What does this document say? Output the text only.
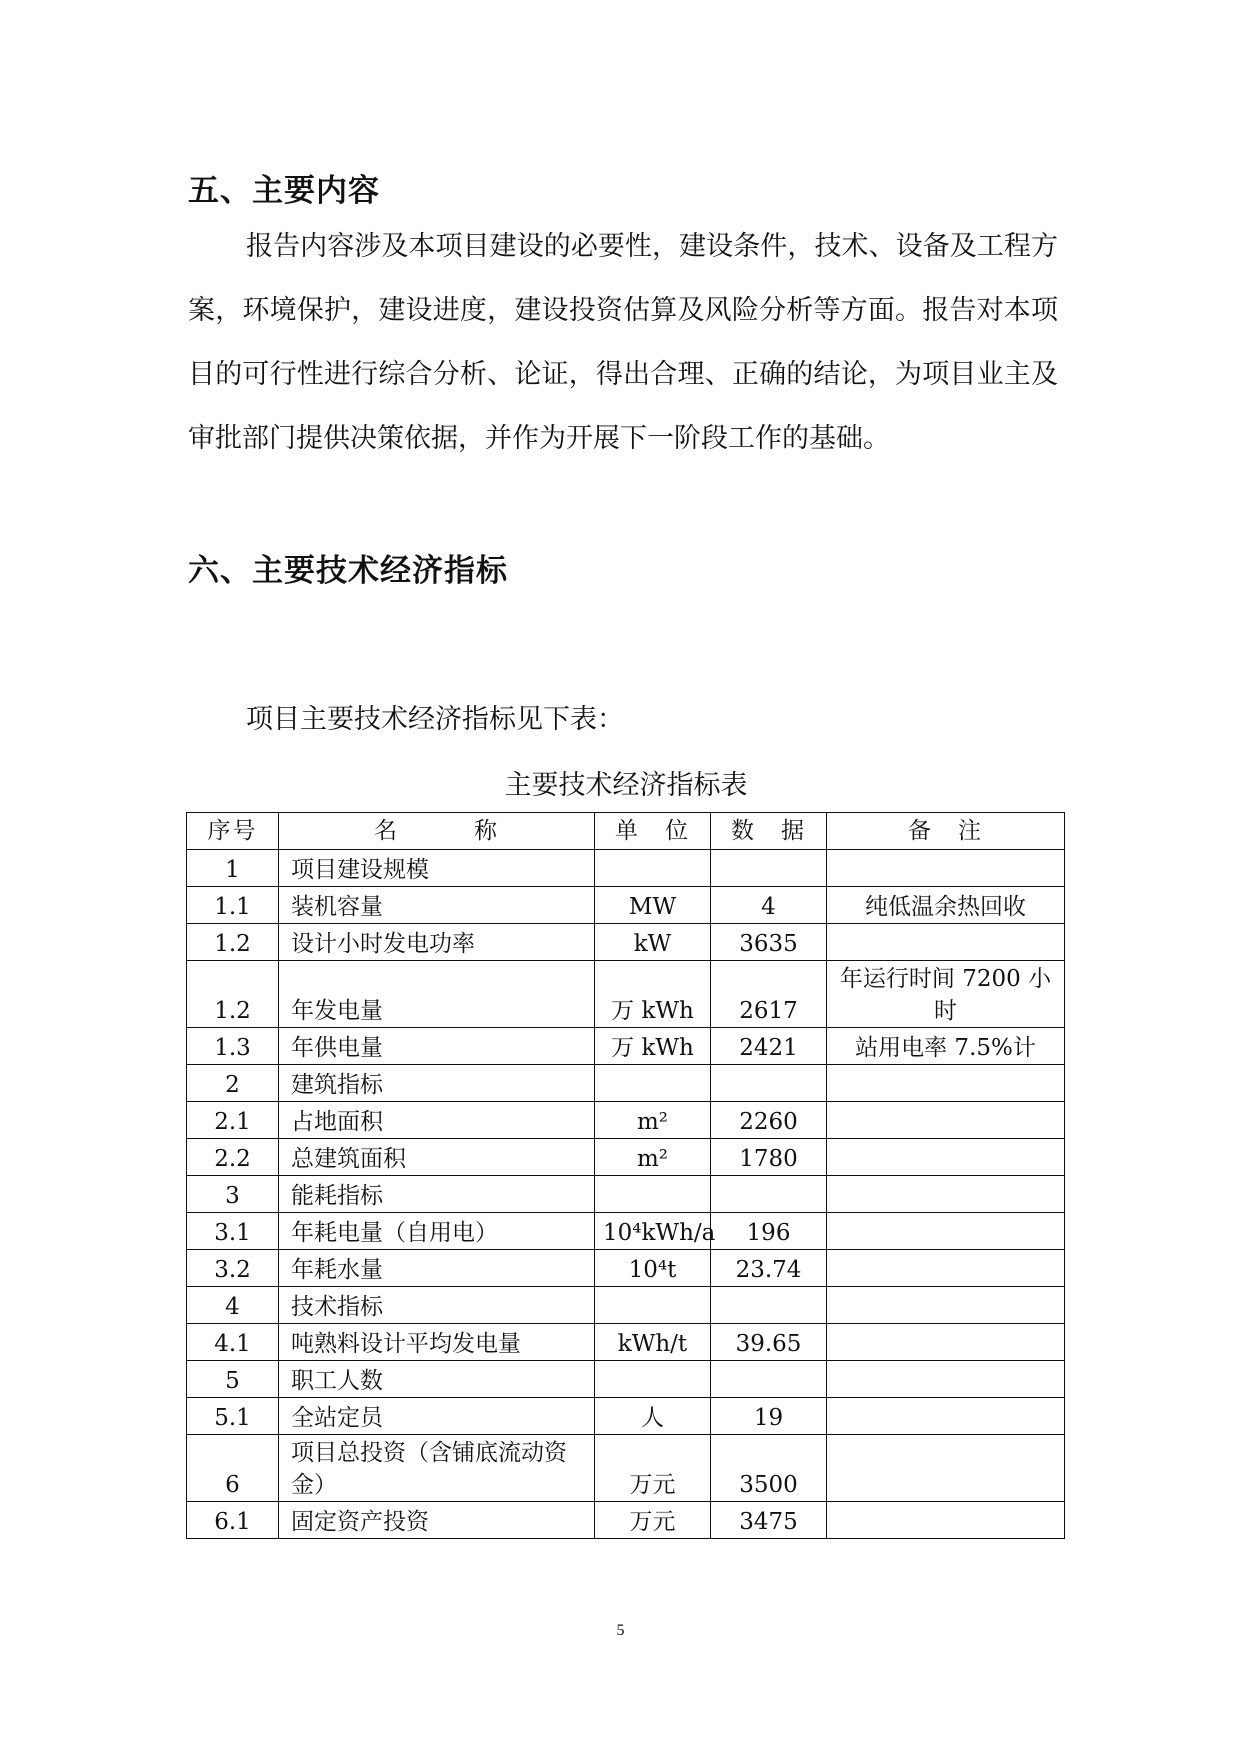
五、主要内容

报告内容涉及本项目建设的必要性，建设条件，技术、设备及工程方案，环境保护，建设进度，建设投资估算及风险分析等方面。报告对本项目的可行性进行综合分析、论证，得出合理、正确的结论，为项目业主及审批部门提供决策依据，并作为开展下一阶段工作的基础。

六、主要技术经济指标
项目主要技术经济指标见下表：
主要技术经济指标表
序号	名　　　称	单　位	数　据	备　注
1	项目建设规模			
1.1	装机容量	MW	4	纯低温余热回收
1.2	设计小时发电功率	kW	3635	
1.2	年发电量	万 kWh	2617	年运行时间 7200 小时
1.3	年供电量	万 kWh	2421	站用电率 7.5%计
2	建筑指标			
2.1	占地面积	m²	2260	
2.2	总建筑面积	m²	1780	
3	能耗指标			
3.1	年耗电量（自用电）	10⁴kWh/a	196	
3.2	年耗水量	10⁴t	23.74	
4	技术指标			
4.1	吨熟料设计平均发电量	kWh/t	39.65	
5	职工人数			
5.1	全站定员	人	19	
6	项目总投资（含铺底流动资金）	万元	3500	
6.1	固定资产投资	万元	3475	
5
